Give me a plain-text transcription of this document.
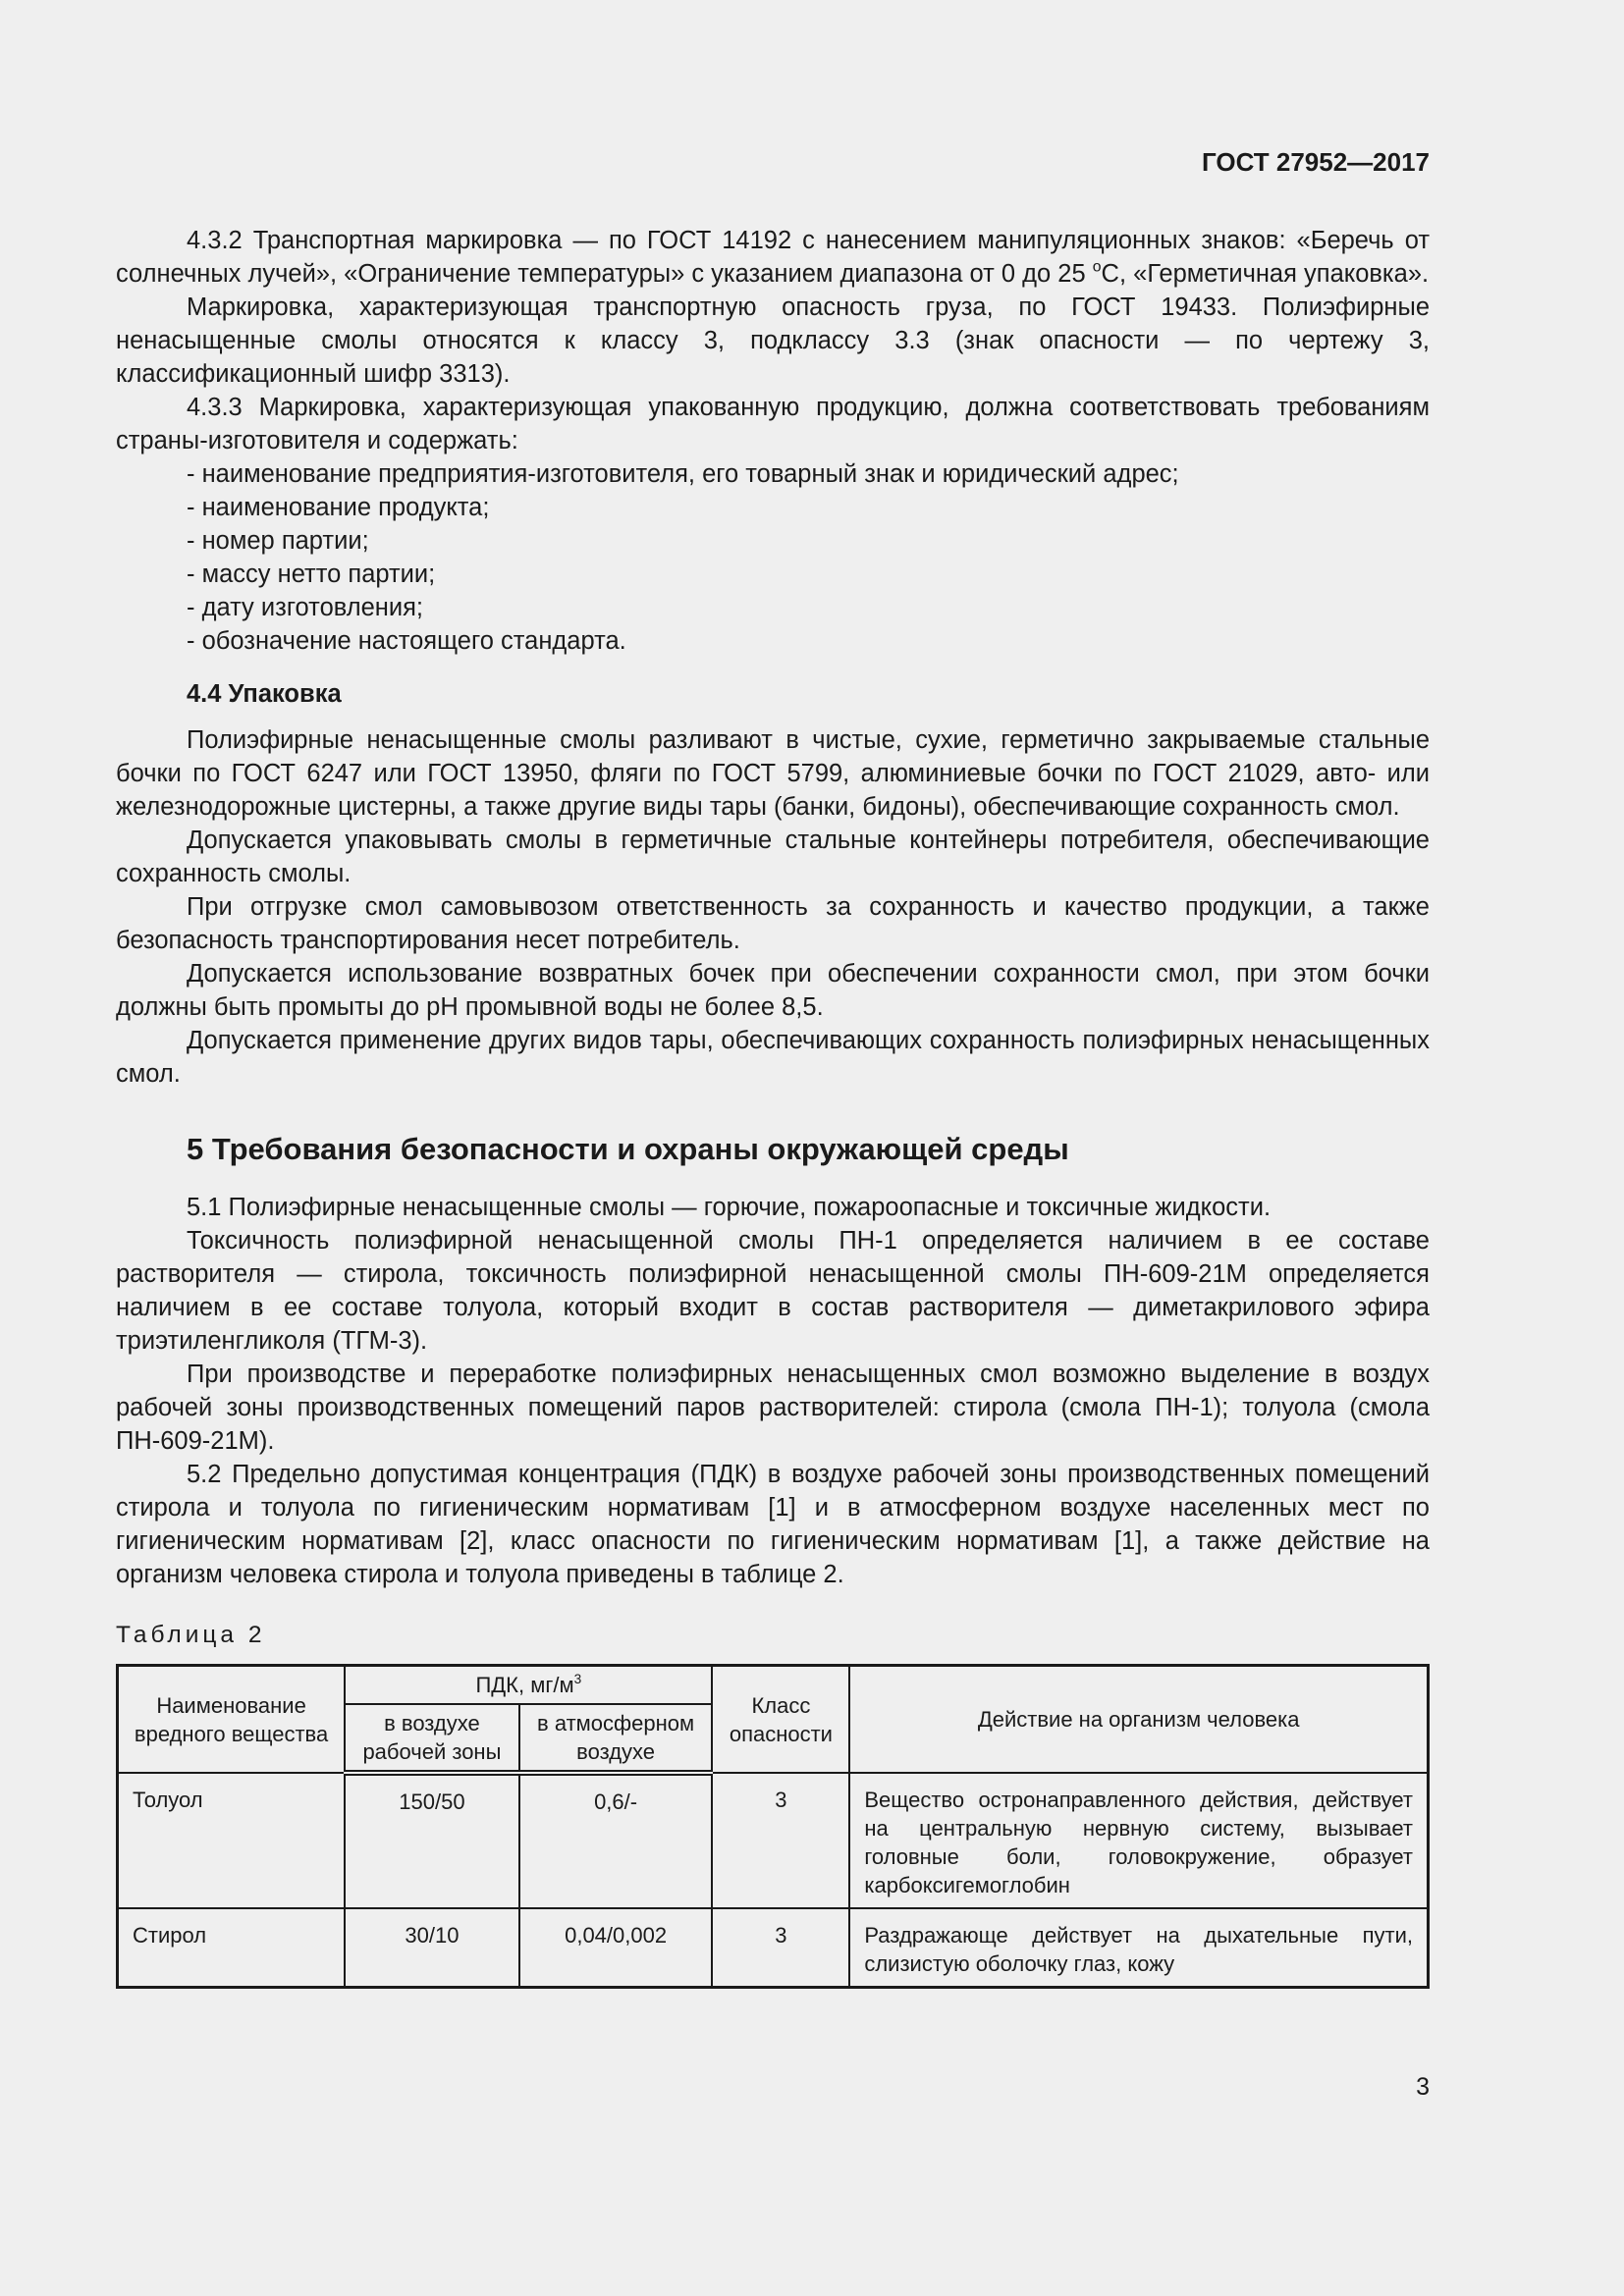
ГОСТ 27952—2017

4.3.2 Транспортная маркировка — по ГОСТ 14192 с нанесением манипуляционных знаков: «Беречь от солнечных лучей», «Ограничение температуры» с указанием диапазона от 0 до 25 $^о$С, «Герметичная упаковка».

Маркировка, характеризующая транспортную опасность груза, по ГОСТ 19433. Полиэфирные ненасыщенные смолы относятся к классу 3, подклассу 3.3 (знак опасности — по чертежу 3, классификационный шифр 3313).

4.3.3 Маркировка, характеризующая упакованную продукцию, должна соответствовать требованиям страны-изготовителя и содержать:

- наименование предприятия-изготовителя, его товарный знак и юридический адрес;
- наименование продукта;
- номер партии;
- массу нетто партии;
- дату изготовления;
- обозначение настоящего стандарта.
4.4 Упаковка

Полиэфирные ненасыщенные смолы разливают в чистые, сухие, герметично закрываемые стальные бочки по ГОСТ 6247 или ГОСТ 13950, фляги по ГОСТ 5799, алюминиевые бочки по ГОСТ 21029, авто- или железнодорожные цистерны, а также другие виды тары (банки, бидоны), обеспечивающие сохранность смол.

Допускается упаковывать смолы в герметичные стальные контейнеры потребителя, обеспечивающие сохранность смолы.

При отгрузке смол самовывозом ответственность за сохранность и качество продукции, а также безопасность транспортирования несет потребитель.

Допускается использование возвратных бочек при обеспечении сохранности смол, при этом бочки должны быть промыты до pH промывной воды не более 8,5.

Допускается применение других видов тары, обеспечивающих сохранность полиэфирных ненасыщенных смол.

5 Требования безопасности и охраны окружающей среды

5.1 Полиэфирные ненасыщенные смолы — горючие, пожароопасные и токсичные жидкости.

Токсичность полиэфирной ненасыщенной смолы ПН-1 определяется наличием в ее составе растворителя — стирола, токсичность полиэфирной ненасыщенной смолы ПН-609-21М определяется наличием в ее составе толуола, который входит в состав растворителя — диметакрилового эфира триэтиленгликоля (ТГМ-3).

При производстве и переработке полиэфирных ненасыщенных смол возможно выделение в воздух рабочей зоны производственных помещений паров растворителей: стирола (смола ПН-1); толуола (смола ПН-609-21М).

5.2 Предельно допустимая концентрация (ПДК) в воздухе рабочей зоны производственных помещений стирола и толуола по гигиеническим нормативам [1] и в атмосферном воздухе населенных мест по гигиеническим нормативам [2], класс опасности по гигиеническим нормативам [1], а также действие на организм человека стирола и толуола приведены в таблице 2.

Таблица 2
Наименование вредного вещества	ПДК, $мг/м^3$		Класс опасности	Действие на организм человека
	в воздухе рабочей зоны	в атмосферном воздухе		
Толуол	150/50	0,6/-	3	Вещество остронаправленного действия, действует на центральную нервную систему, вызывает головные боли, головокружение, образует карбоксигемоглобин
Стирол	30/10	0,04/0,002	3	Раздражающе действует на дыхательные пути, слизистую оболочку глаз, кожу
3
